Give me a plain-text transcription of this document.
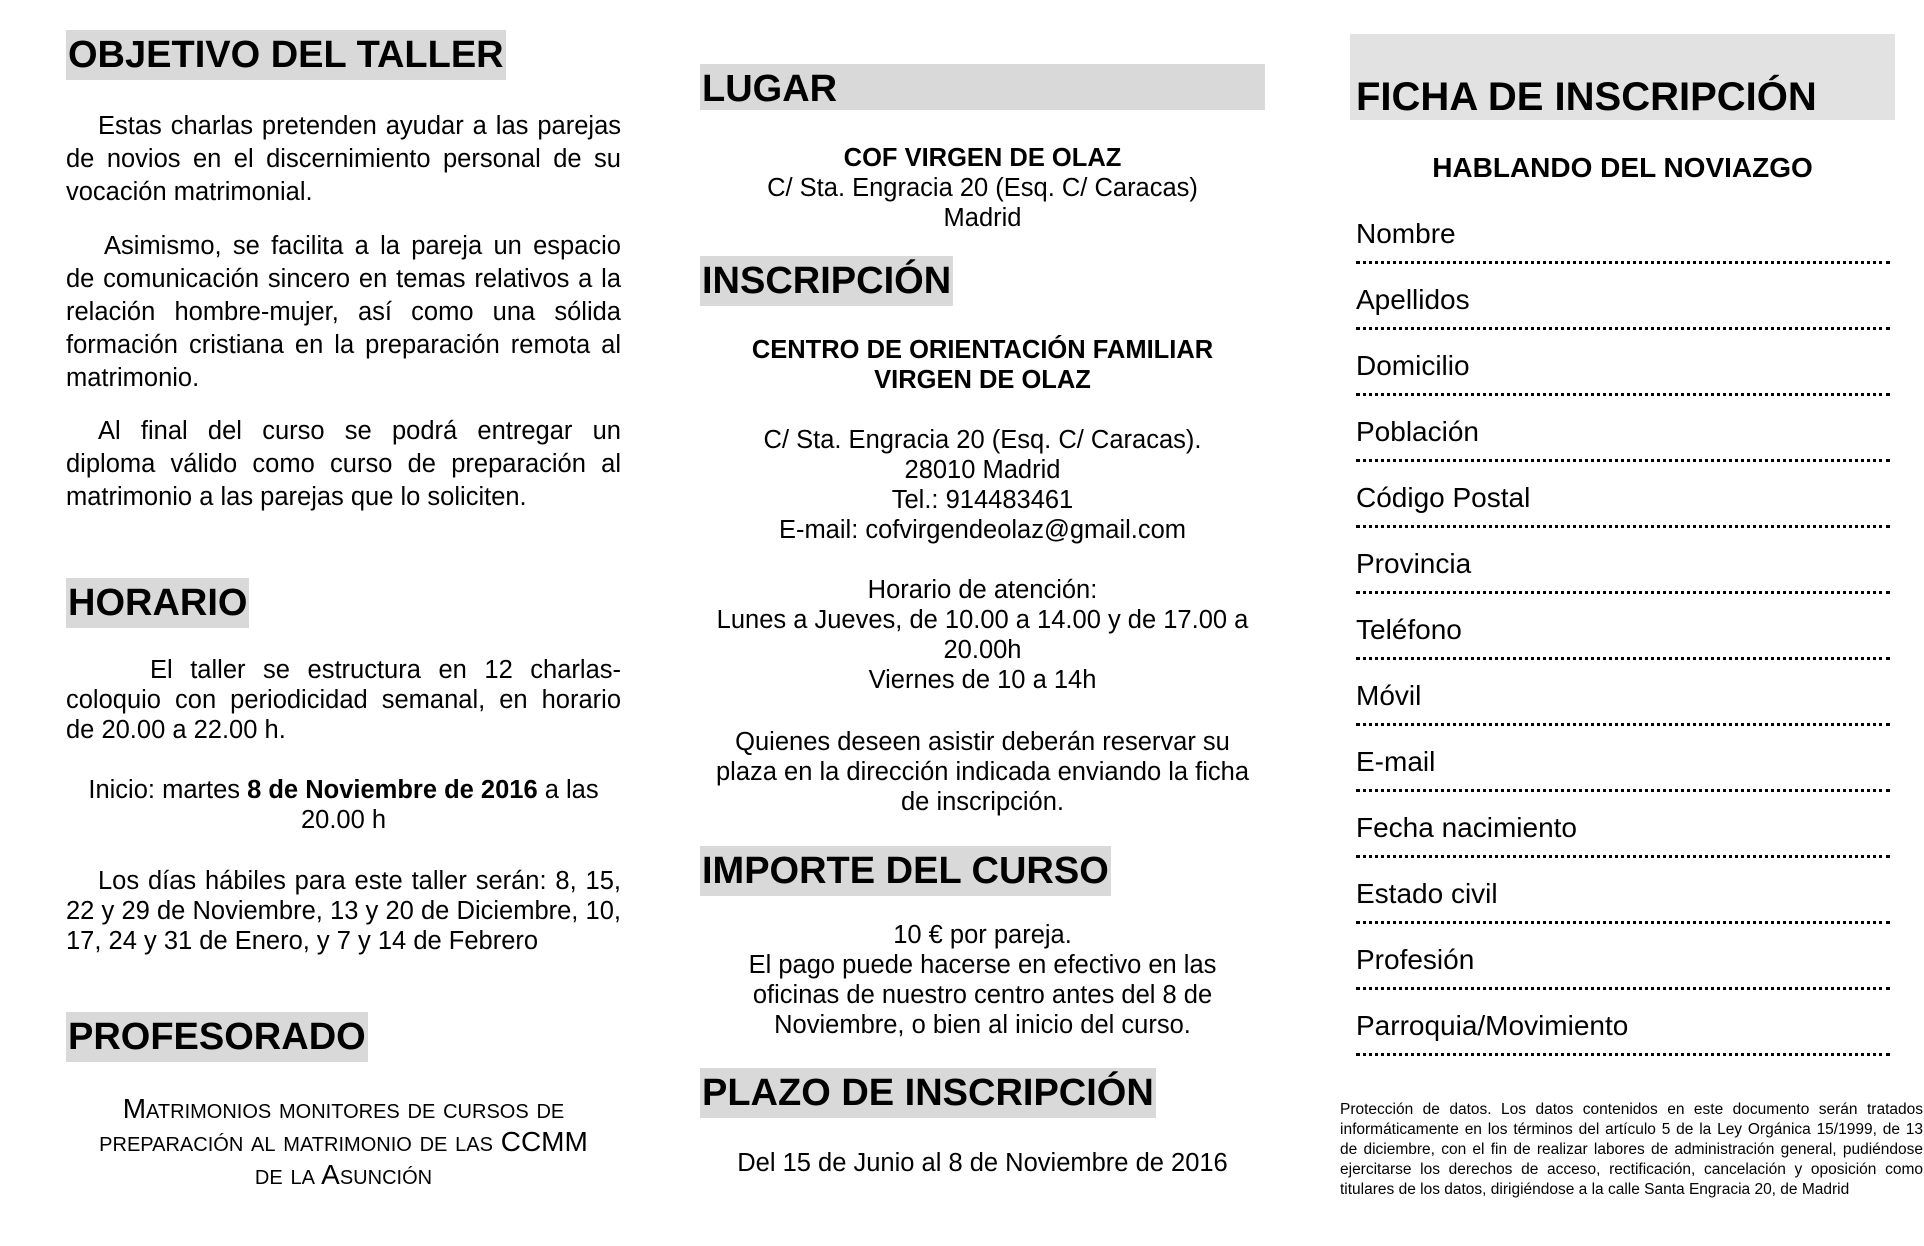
OBJETIVO DEL TALLER

Estas charlas pretenden ayudar a las parejas de novios en el discernimiento personal de su vocación matrimonial.

Asimismo, se facilita a la pareja un espacio de comunicación sincero en temas relativos a la relación hombre-mujer, así como una sólida formación cristiana en la preparación remota al matrimonio.

Al final del curso se podrá entregar un diploma válido como curso de preparación al matrimonio a las parejas que lo soliciten.

HORARIO

El taller se estructura en 12 charlas-coloquio con periodicidad semanal, en horario de 20.00 a 22.00 h.

Inicio: martes 8 de Noviembre de 2016 a las 20.00 h

Los días hábiles para este taller serán: 8, 15, 22 y 29 de Noviembre, 13 y 20 de Diciembre, 10, 17, 24 y 31 de Enero, y 7 y 14 de Febrero

PROFESORADO

Matrimonios monitores de cursos de

preparación al matrimonio de las CCMM

de la Asunción

LUGAR

COF VIRGEN DE OLAZ

C/ Sta. Engracia 20 (Esq. C/ Caracas)

Madrid

INSCRIPCIÓN

CENTRO DE ORIENTACIÓN FAMILIAR

VIRGEN DE OLAZ

C/ Sta. Engracia 20 (Esq. C/ Caracas).

28010 Madrid

Tel.: 914483461

E-mail: cofvirgendeolaz@gmail.com

Horario de atención:

Lunes a Jueves, de 10.00 a 14.00 y de 17.00 a

20.00h

Viernes de 10 a 14h

Quienes deseen asistir deberán reservar su

plaza en la dirección indicada enviando la ficha

de inscripción.

IMPORTE DEL CURSO

10 € por pareja.

El pago puede hacerse en efectivo en las

oficinas de nuestro centro antes del 8 de

Noviembre, o bien al inicio del curso.

PLAZO DE INSCRIPCIÓN

Del 15 de Junio al 8 de Noviembre de 2016

FICHA DE INSCRIPCIÓN
HABLANDO DEL NOVIAZGO
Nombre
Apellidos
Domicilio
Población
Código Postal
Provincia
Teléfono
Móvil
E-mail
Fecha nacimiento
Estado civil
Profesión
Parroquia/Movimiento

Protección de datos. Los datos contenidos en este documento serán tratados informáticamente en los términos del artículo 5 de la Ley Orgánica 15/1999, de 13 de diciembre, con el fin de realizar labores de administración general, pudiéndose ejercitarse los derechos de acceso, rectificación, cancelación y oposición como titulares de los datos, dirigiéndose a la calle Santa Engracia 20, de Madrid
